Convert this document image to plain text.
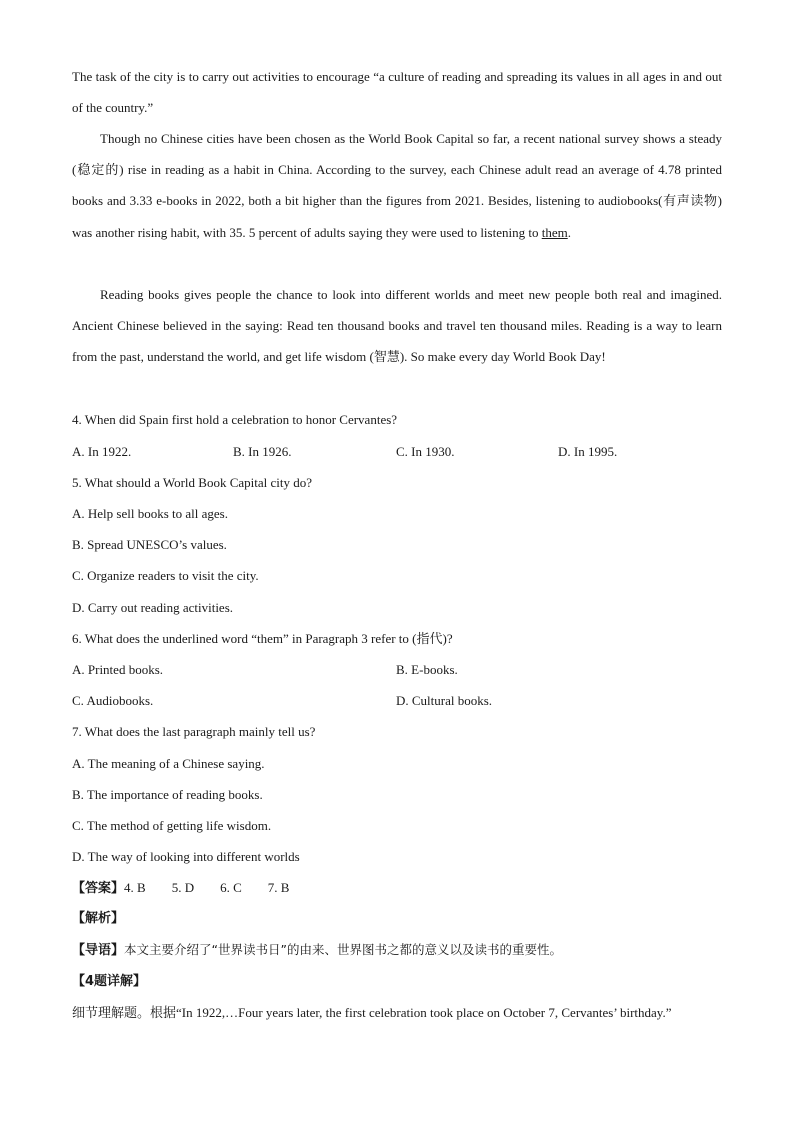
The task of the city is to carry out activities to encourage “a culture of reading and spreading its values in all ages in and out of the country.”

Though no Chinese cities have been chosen as the World Book Capital so far, a recent national survey shows a steady (稳定的) rise in reading as a habit in China. According to the survey, each Chinese adult read an average of 4.78 printed books and 3.33 e-books in 2022, both a bit higher than the figures from 2021. Besides, listening to audiobooks(有声读物) was another rising habit, with 35. 5 percent of adults saying they were used to listening to them.

Reading books gives people the chance to look into different worlds and meet new people both real and imagined. Ancient Chinese believed in the saying: Read ten thousand books and travel ten thousand miles. Reading is a way to learn from the past, understand the world, and get life wisdom (智慧). So make every day World Book Day!

4. When did Spain first hold a celebration to honor Cervantes?
A. In 1922.	B. In 1926.	C. In 1930.	D. In 1995.
5. What should a World Book Capital city do?
A. Help sell books to all ages.
B. Spread UNESCO’s values.
C. Organize readers to visit the city.
D. Carry out reading activities.
6. What does the underlined word “them” in Paragraph 3 refer to (指代)?
A. Printed books.	B. E-books.
C. Audiobooks.	D. Cultural books.
7. What does the last paragraph mainly tell us?
A. The meaning of a Chinese saying.
B. The importance of reading books.
C. The method of getting life wisdom.
D. The way of looking into different worlds
【答案】4. B 5. D 6. C 7. B
【解析】
【导语】本文主要介绍了“世界读书日”的由来、世界图书之都的意义以及读书的重要性。
【4题详解】
细节理解题。根据“In 1922,…Four years later, the first celebration took place on October 7, Cervantes’ birthday.”
